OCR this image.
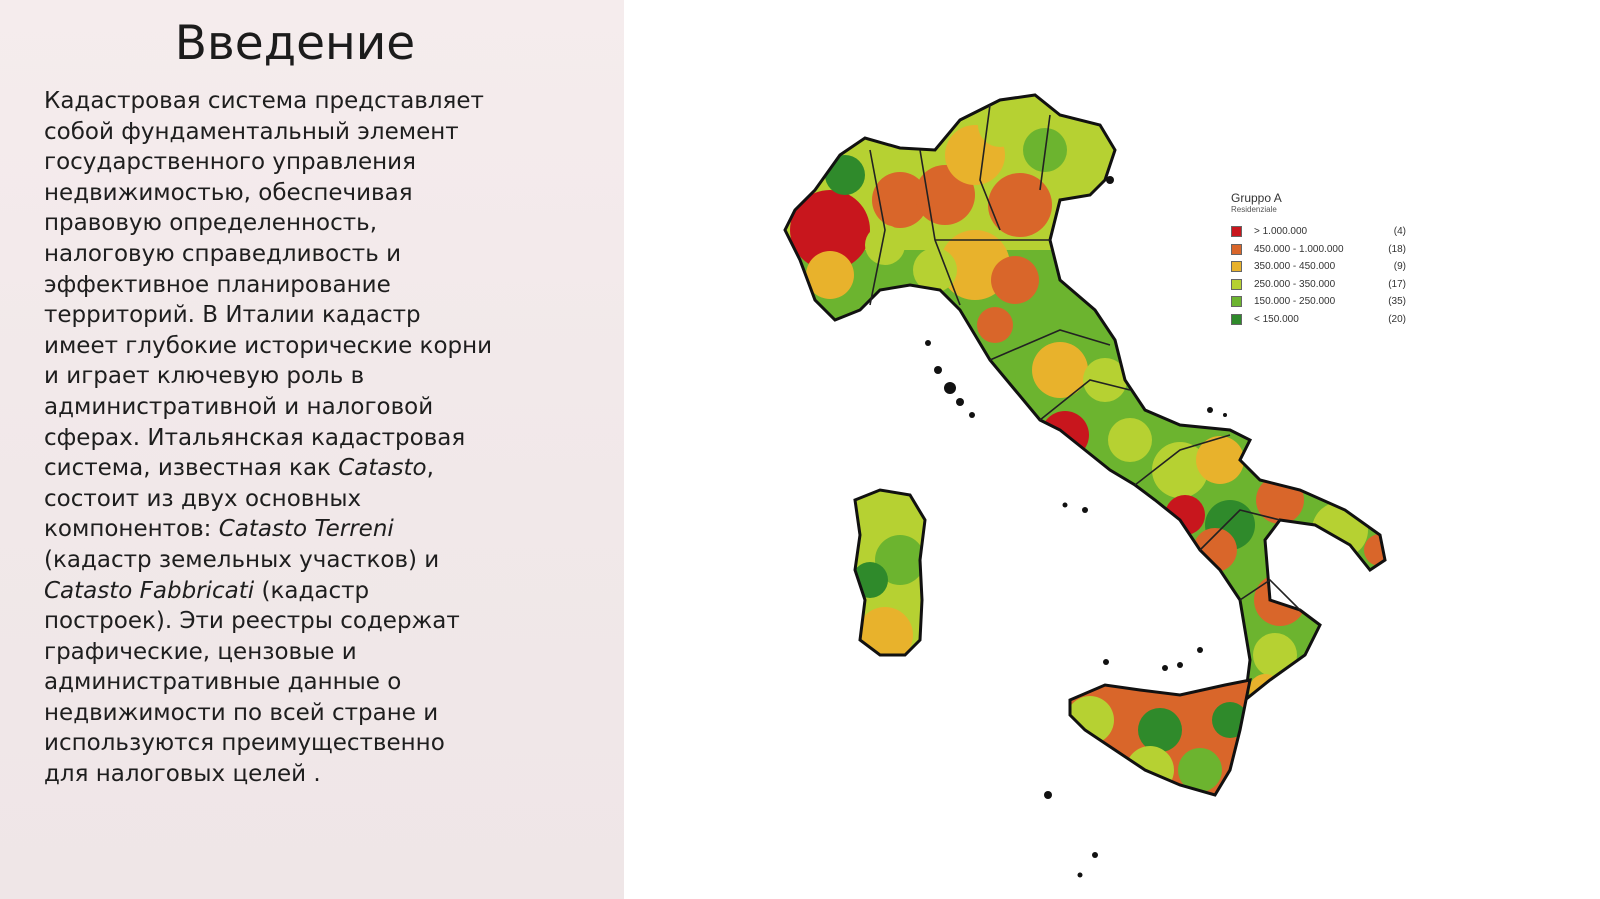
Введение

Кадастровая система представляет собой фундаментальный элемент государственного управления недвижимостью, обеспечивая правовую определенность, налоговую справедливость и эффективное планирование территорий. В Италии кадастр имеет глубокие исторические корни и играет ключевую роль в административной и налоговой сферах. Итальянская кадастровая система, известная как Catasto, состоит из двух основных компонентов: Catasto Terreni (кадастр земельных участков) и Catasto Fabbricati (кадастр построек). Эти реестры содержат графические, цензовые и административные данные о недвижимости по всей стране и используются преимущественно для налоговых целей .

Gruppo A
Residenziale
> 1.000.000	(4)
450.000 - 1.000.000	(18)
350.000 - 450.000	(9)
250.000 - 350.000	(17)
150.000 - 250.000	(35)
< 150.000	(20)
